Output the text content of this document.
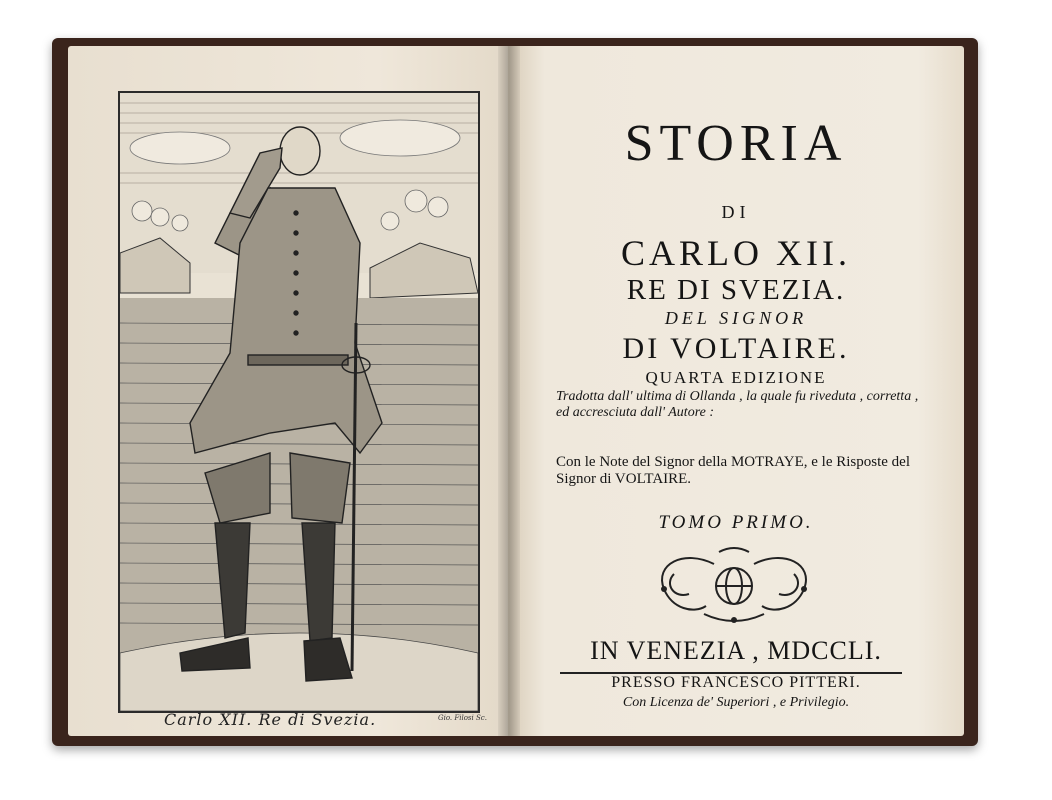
Carlo XII. Re di Svezia.	Gio. Filosi Sc.
STORIA
DI
CARLO XII.
RE DI SVEZIA.
DEL SIGNOR
DI VOLTAIRE.
QUARTA EDIZIONE
Tradotta dall' ultima di Ollanda , la quale fu riveduta , corretta , ed accresciuta dall' Autore :
Con le Note del Signor della MOTRAYE, e le Risposte del Signor di VOLTAIRE.
TOMO PRIMO.
IN VENEZIA , MDCCLI.
PRESSO FRANCESCO PITTERI.
Con Licenza de' Superiori , e Privilegio.
